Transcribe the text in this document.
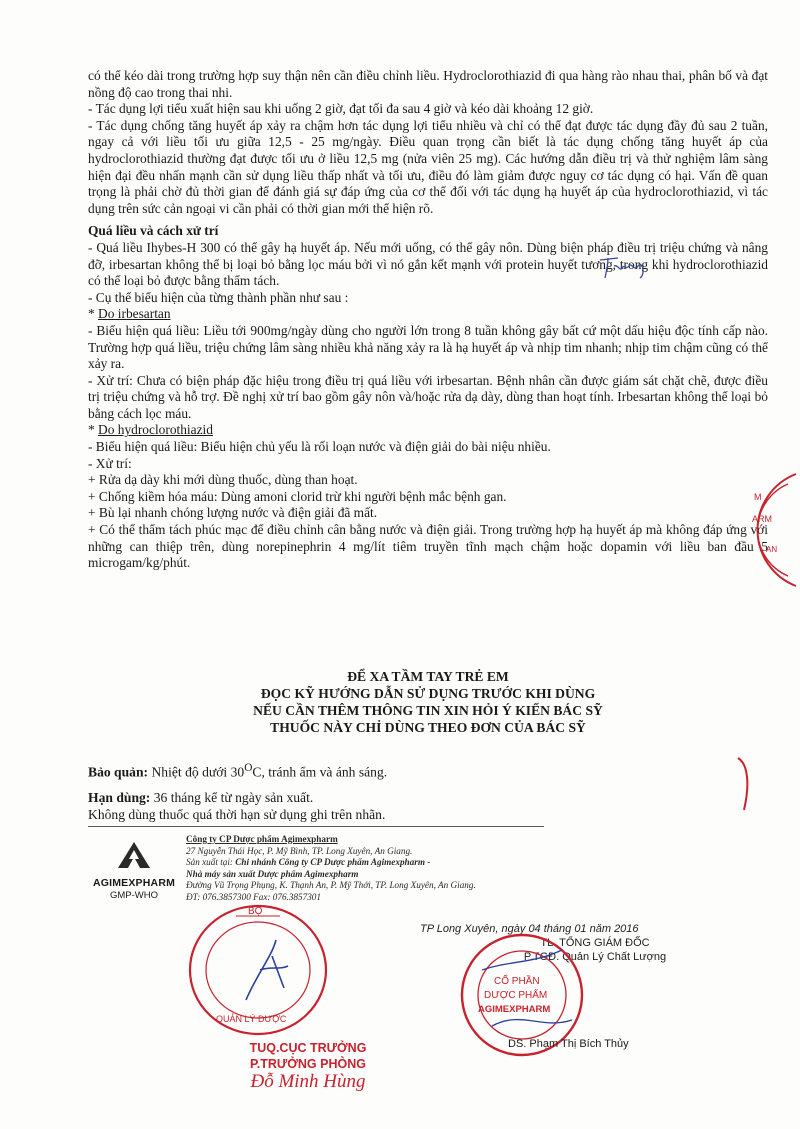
có thể kéo dài trong trường hợp suy thận nên cần điều chỉnh liều. Hydroclorothiazid đi qua hàng rào nhau thai, phân bố và đạt nồng độ cao trong thai nhi.

- Tác dụng lợi tiểu xuất hiện sau khi uống 2 giờ, đạt tối đa sau 4 giờ và kéo dài khoảng 12 giờ.

- Tác dụng chống tăng huyết áp xảy ra chậm hơn tác dụng lợi tiểu nhiều và chỉ có thể đạt được tác dụng đầy đủ sau 2 tuần, ngay cả với liều tối ưu giữa 12,5 - 25 mg/ngày. Điều quan trọng cần biết là tác dụng chống tăng huyết áp của hydroclorothiazid thường đạt được tối ưu ở liều 12,5 mg (nửa viên 25 mg). Các hướng dẫn điều trị và thử nghiệm lâm sàng hiện đại đều nhấn mạnh cần sử dụng liều thấp nhất và tối ưu, điều đó làm giảm được nguy cơ tác dụng có hại. Vấn đề quan trọng là phải chờ đủ thời gian để đánh giá sự đáp ứng của cơ thể đối với tác dụng hạ huyết áp của hydroclorothiazid, vì tác dụng trên sức cản ngoại vi cần phải có thời gian mới thể hiện rõ.

Quá liều và cách xử trí

- Quá liều Ihybes-H 300 có thể gây hạ huyết áp. Nếu mới uống, có thể gây nôn. Dùng biện pháp điều trị triệu chứng và nâng đỡ, irbesartan không thể bị loại bỏ bằng lọc máu bởi vì nó gắn kết mạnh với protein huyết tương, trong khi hydroclorothiazid có thể loại bỏ được bằng thẩm tách.

- Cụ thể biểu hiện của từng thành phần như sau :

* Do irbesartan

- Biểu hiện quá liều: Liều tới 900mg/ngày dùng cho người lớn trong 8 tuần không gây bất cứ một dấu hiệu độc tính cấp nào. Trường hợp quá liều, triệu chứng lâm sàng nhiều khả năng xảy ra là hạ huyết áp và nhịp tim nhanh; nhịp tim chậm cũng có thể xảy ra.

- Xử trí: Chưa có biện pháp đặc hiệu trong điều trị quá liều với irbesartan. Bệnh nhân cần được giám sát chặt chẽ, được điều trị triệu chứng và hỗ trợ. Đề nghị xử trí bao gồm gây nôn và/hoặc rửa dạ dày, dùng than hoạt tính. Irbesartan không thể loại bỏ bằng cách lọc máu.

* Do hydroclorothiazid

- Biểu hiện quá liều: Biểu hiện chủ yếu là rối loạn nước và điện giải do bài niệu nhiều.

- Xử trí:

+ Rửa dạ dày khi mới dùng thuốc, dùng than hoạt.

+ Chống kiềm hóa máu: Dùng amoni clorid trừ khi người bệnh mắc bệnh gan.

+ Bù lại nhanh chóng lượng nước và điện giải đã mất.

+ Có thể thẩm tách phúc mạc để điều chỉnh cân bằng nước và điện giải. Trong trường hợp hạ huyết áp mà không đáp ứng với những can thiệp trên, dùng norepinephrin 4 mg/lít tiêm truyền tĩnh mạch chậm hoặc dopamin với liều ban đầu 5 microgam/kg/phút.

M
ARM
AN

ĐỂ XA TẦM TAY TRẺ EM

ĐỌC KỸ HƯỚNG DẪN SỬ DỤNG TRƯỚC KHI DÙNG

NẾU CẦN THÊM THÔNG TIN XIN HỎI Ý KIẾN BÁC SỸ

THUỐC NÀY CHỈ DÙNG THEO ĐƠN CỦA BÁC SỸ

Bảo quản: Nhiệt độ dưới $30^OC$, tránh ẩm và ánh sáng.

Hạn dùng: 36 tháng kể từ ngày sản xuất.

Không dùng thuốc quá thời hạn sử dụng ghi trên nhãn.

AGIMEXPHARM
GMP-WHO

Công ty CP Dược phẩm Agimexpharm

27 Nguyễn Thái Học, P. Mỹ Bình, TP. Long Xuyên, An Giang.

Sản xuất tại: Chi nhánh Công ty CP Dược phẩm Agimexpharm -

Nhà máy sản xuất Dược phẩm Agimexpharm

Đường Vũ Trọng Phụng, K. Thạnh An, P. Mỹ Thới, TP. Long Xuyên, An Giang.

ĐT: 076.3857300 Fax: 076.3857301

BỘ
QUẢN LÝ DƯỢC

TUQ.CỤC TRƯỞNG

P.TRƯỞNG PHÒNG

Đỗ Minh Hùng

TP Long Xuyên, ngày 04 tháng 01 năm 2016

TL. TỔNG GIÁM ĐỐC

P.TGĐ. Quản Lý Chất Lượng

CỔ PHẦN
DƯỢC PHẨM
AGIMEXPHARM
DS. Phạm Thị Bích Thủy
